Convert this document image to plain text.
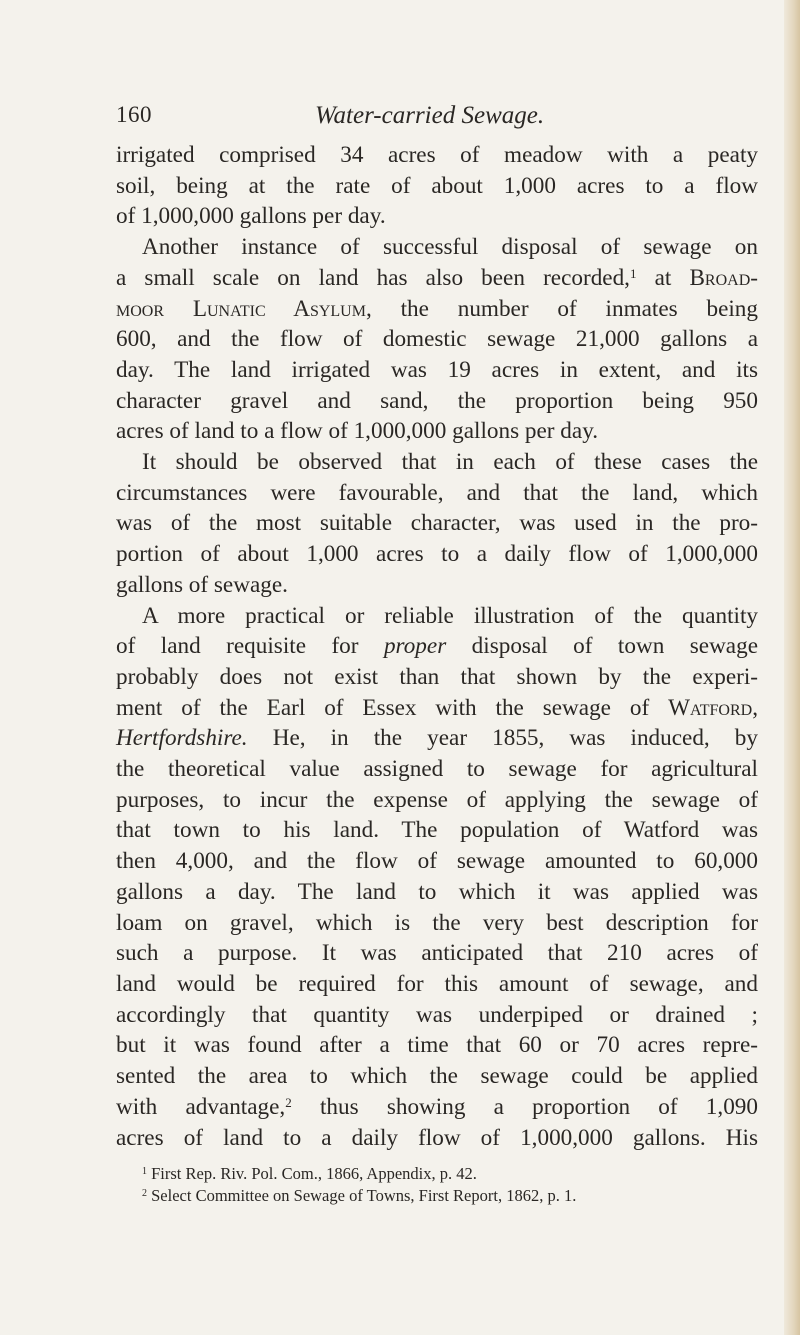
160	Water-carried Sewage.
irrigated comprised 34 acres of meadow with a peaty
soil, being at the rate of about 1,000 acres to a flow
of 1,000,000 gallons per day.
Another instance of successful disposal of sewage on
a small scale on land has also been recorded,$^1$ at Broad-
moor Lunatic Asylum, the number of inmates being
600, and the flow of domestic sewage 21,000 gallons a
day. The land irrigated was 19 acres in extent, and its
character gravel and sand, the proportion being 950
acres of land to a flow of 1,000,000 gallons per day.
It should be observed that in each of these cases the
circumstances were favourable, and that the land, which
was of the most suitable character, was used in the pro-
portion of about 1,000 acres to a daily flow of 1,000,000
gallons of sewage.
A more practical or reliable illustration of the quantity
of land requisite for proper disposal of town sewage
probably does not exist than that shown by the experi-
ment of the Earl of Essex with the sewage of Watford,
Hertfordshire. He, in the year 1855, was induced, by
the theoretical value assigned to sewage for agricultural
purposes, to incur the expense of applying the sewage of
that town to his land. The population of Watford was
then 4,000, and the flow of sewage amounted to 60,000
gallons a day. The land to which it was applied was
loam on gravel, which is the very best description for
such a purpose. It was anticipated that 210 acres of
land would be required for this amount of sewage, and
accordingly that quantity was underpiped or drained ;
but it was found after a time that 60 or 70 acres repre-
sented the area to which the sewage could be applied
with advantage,$^2$ thus showing a proportion of 1,090
acres of land to a daily flow of 1,000,000 gallons. His
$^1$ First Rep. Riv. Pol. Com., 1866, Appendix, p. 42.
$^2$ Select Committee on Sewage of Towns, First Report, 1862, p. 1.
